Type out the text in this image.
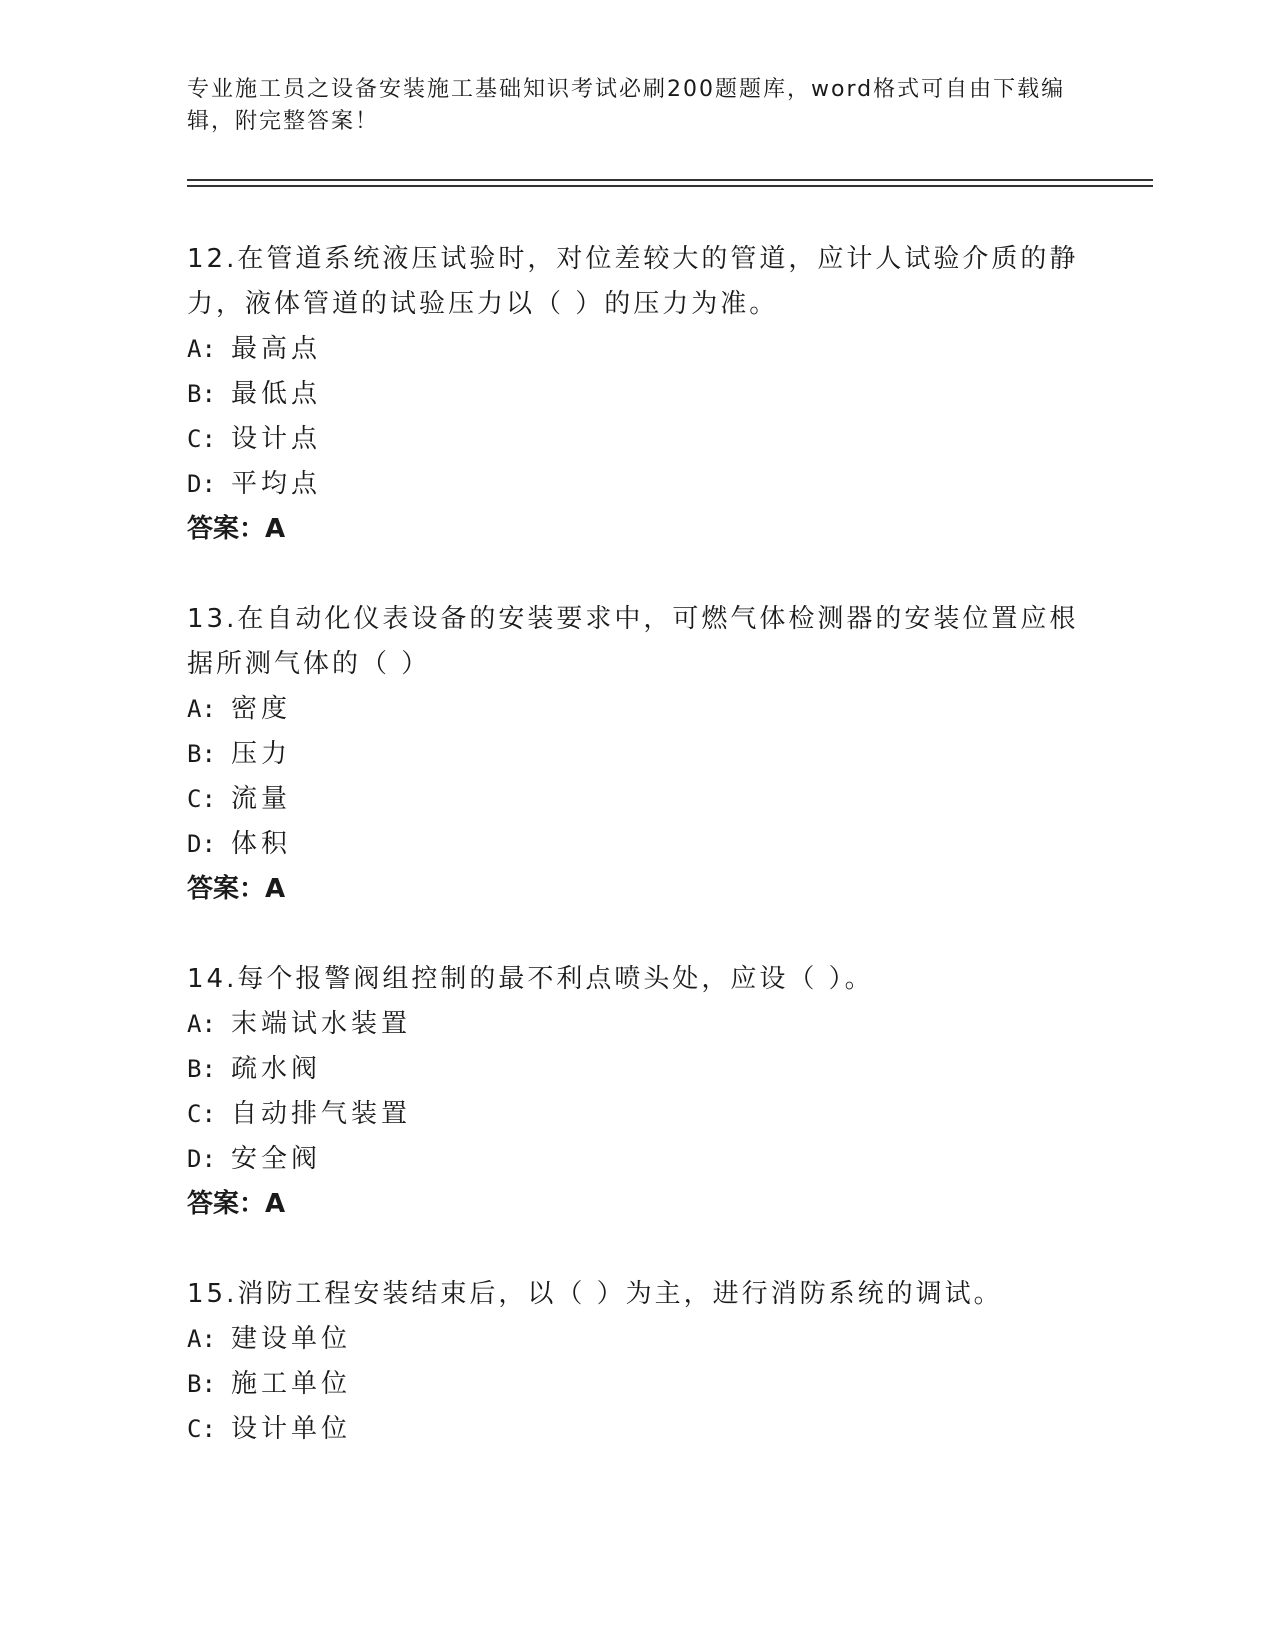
专业施工员之设备安装施工基础知识考试必刷200题题库，word格式可自由下载编辑，附完整答案！
12.在管道系统液压试验时，对位差较大的管道，应计人试验介质的静
力，液体管道的试验压力以（ ）的压力为准。
A: 最高点
B: 最低点
C: 设计点
D: 平均点
答案：A
13.在自动化仪表设备的安装要求中，可燃气体检测器的安装位置应根
据所测气体的（ ）
A: 密度
B: 压力
C: 流量
D: 体积
答案：A
14.每个报警阀组控制的最不利点喷头处，应设（ ）。
A: 末端试水装置
B: 疏水阀
C: 自动排气装置
D: 安全阀
答案：A
15.消防工程安装结束后，以（ ）为主，进行消防系统的调试。
A: 建设单位
B: 施工单位
C: 设计单位
